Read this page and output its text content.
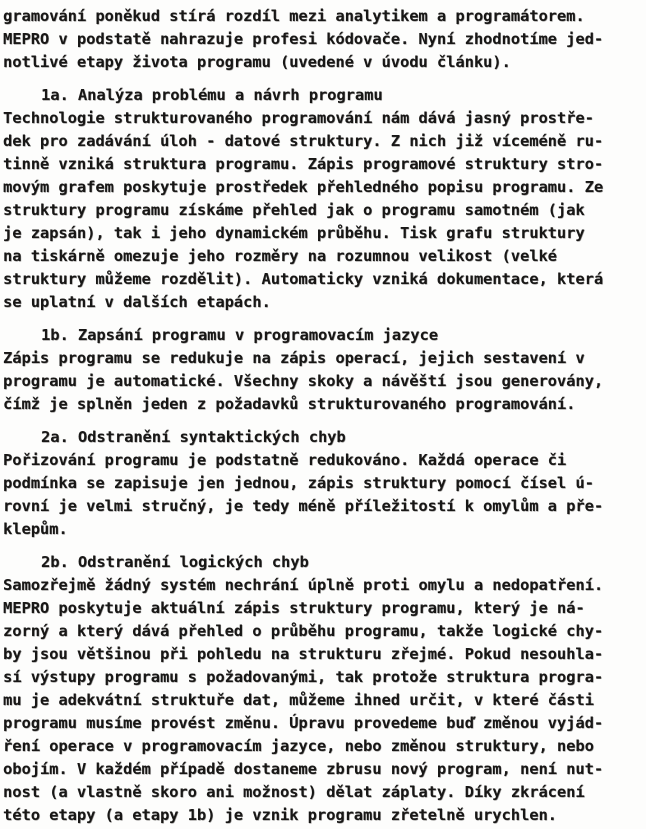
gramování poněkud stírá rozdíl mezi analytikem a programátorem.
MEPRO v podstatě nahrazuje profesi kódovače. Nyní zhodnotíme jed-
notlivé etapy života programu (uvedené v úvodu článku).

1a. Analýza problému a návrh programu

Technologie strukturovaného programování nám dává jasný prostře-
dek pro zadávání úloh - datové struktury. Z nich již víceméně ru-
tinně vzniká struktura programu. Zápis programové struktury stro-
movým grafem poskytuje prostředek přehledného popisu programu. Ze
struktury programu získáme přehled jak o programu samotném (jak
je zapsán), tak i jeho dynamickém průběhu. Tisk grafu struktury
na tiskárně omezuje jeho rozměry na rozumnou velikost (velké
struktury můžeme rozdělit). Automaticky vzniká dokumentace, která
se uplatní v dalších etapách.

1b. Zapsání programu v programovacím jazyce

Zápis programu se redukuje na zápis operací, jejich sestavení v
programu je automatické. Všechny skoky a návěští jsou generovány,
čímž je splněn jeden z požadavků strukturovaného programování.

2a. Odstranění syntaktických chyb

Pořizování programu je podstatně redukováno. Každá operace či
podmínka se zapisuje jen jednou, zápis struktury pomocí čísel ú-
rovní je velmi stručný, je tedy méně příležitostí k omylům a pře-
klepům.

2b. Odstranění logických chyb

Samozřejmě žádný systém nechrání úplně proti omylu a nedopatření.
MEPRO poskytuje aktuální zápis struktury programu, který je ná-
zorný a který dává přehled o průběhu programu, takže logické chy-
by jsou většinou při pohledu na strukturu zřejmé. Pokud nesouhla-
sí výstupy programu s požadovanými, tak protože struktura progra-
mu je adekvátní struktuře dat, můžeme ihned určit, v které části
programu musíme provést změnu. Úpravu provedeme buď změnou vyjád-
ření operace v programovacím jazyce, nebo změnou struktury, nebo
obojím. V každém případě dostaneme zbrusu nový program, není nut-
nost (a vlastně skoro ani možnost) dělat záplaty. Díky zkrácení
této etapy (a etapy 1b) je vznik programu zřetelně urychlen.
